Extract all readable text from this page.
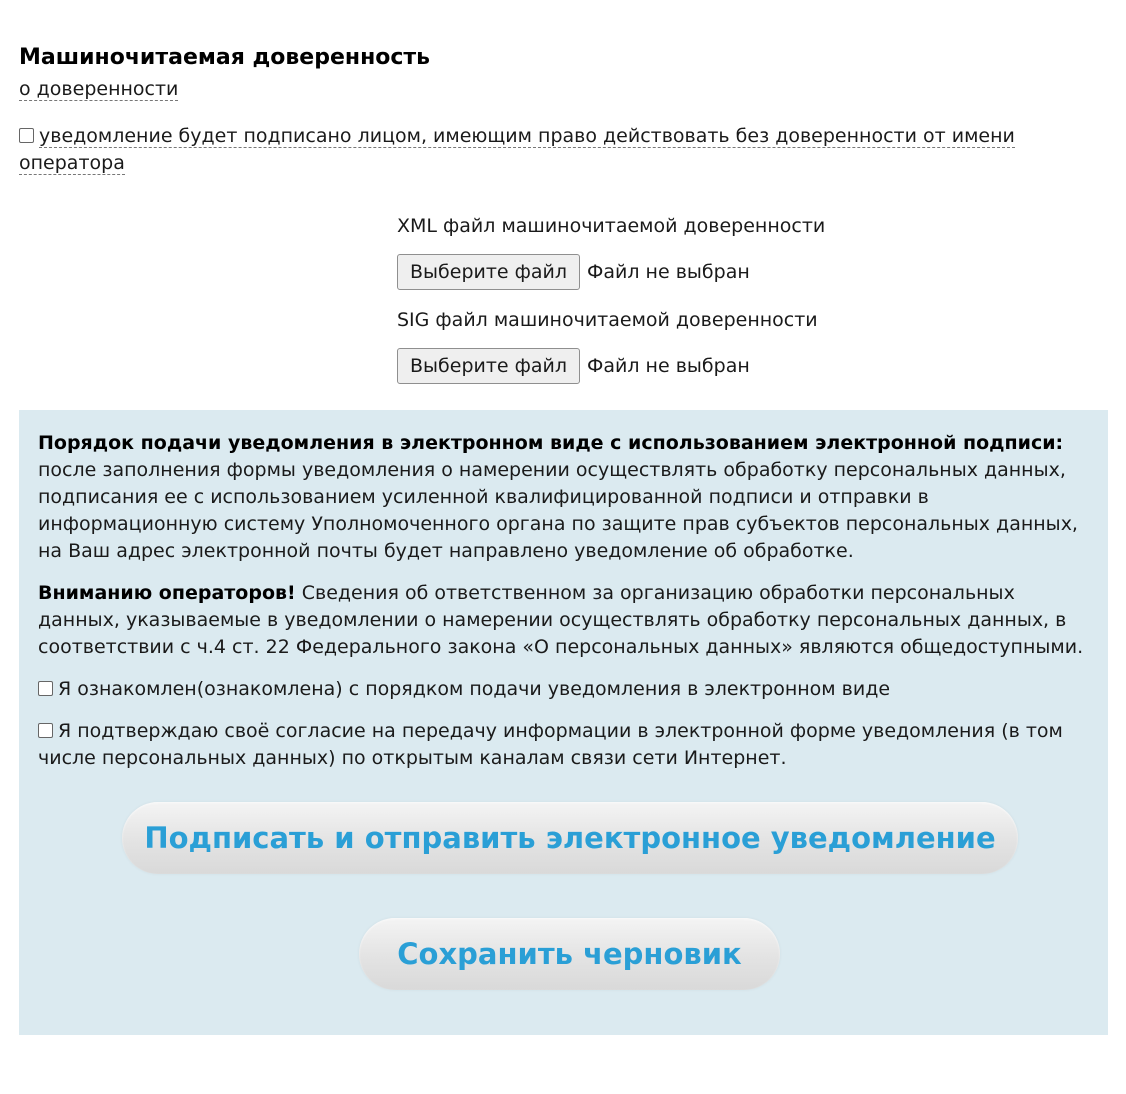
Машиночитаемая доверенность
о доверенности
уведомление будет подписано лицом, имеющим право действовать без доверенности от имени
оператора
XML файл машиночитаемой доверенности
Выберите файл	Файл не выбран
SIG файл машиночитаемой доверенности
Выберите файл	Файл не выбран

Порядок подачи уведомления в электронном виде с использованием электронной подписи:
после заполнения формы уведомления о намерении осуществлять обработку персональных данных, подписания ее с использованием усиленной квалифицированной подписи и отправки в информационную систему Уполномоченного органа по защите прав субъектов персональных данных, на Ваш адрес электронной почты будет направлено уведомление об обработке.

Вниманию операторов! Сведения об ответственном за организацию обработки персональных данных, указываемые в уведомлении о намерении осуществлять обработку персональных данных, в соответствии с ч.4 ст. 22 Федерального закона «О персональных данных» являются общедоступными.

Я ознакомлен(ознакомлена) с порядком подачи уведомления в электронном виде
Я подтверждаю своё согласие на передачу информации в электронной форме уведомления (в том числе персональных данных) по открытым каналам связи сети Интернет.
Подписать и отправить электронное уведомление
Сохранить черновик
